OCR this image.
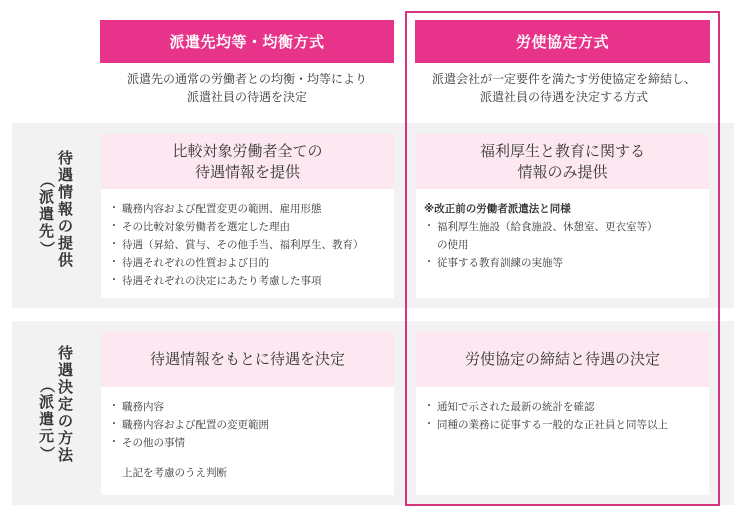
派遣先均等・均衡方式	労使協定方式
派遣先の通常の労働者との均衡・均等により
派遣社員の待遇を決定
派遣会社が一定要件を満たす労使協定を締結し、
派遣社員の待遇を決定する方式
待
遇
情
報
の
提
供
（
派
遣
先
）
待
遇
決
定
の
方
法
（
派
遣
元
）
比較対象労働者全ての
待遇情報を提供
・ 職務内容および配置変更の範囲、雇用形態
・ その比較対象労働者を選定した理由
・ 待遇（昇給、賞与、その他手当、福利厚生、教育）
・ 待遇それぞれの性質および目的
・ 待遇それぞれの決定にあたり考慮した事項
福利厚生と教育に関する
情報のみ提供
※改正前の労働者派遣法と同様
・ 福利厚生施設（給食施設、休憩室、更衣室等）
の使用
・ 従事する教育訓練の実施等
待遇情報をもとに待遇を決定
・ 職務内容
・ 職務内容および配置の変更範囲
・ その他の事情
上記を考慮のうえ判断
労使協定の締結と待遇の決定
・ 通知で示された最新の統計を確認
・ 同種の業務に従事する一般的な正社員と同等以上
